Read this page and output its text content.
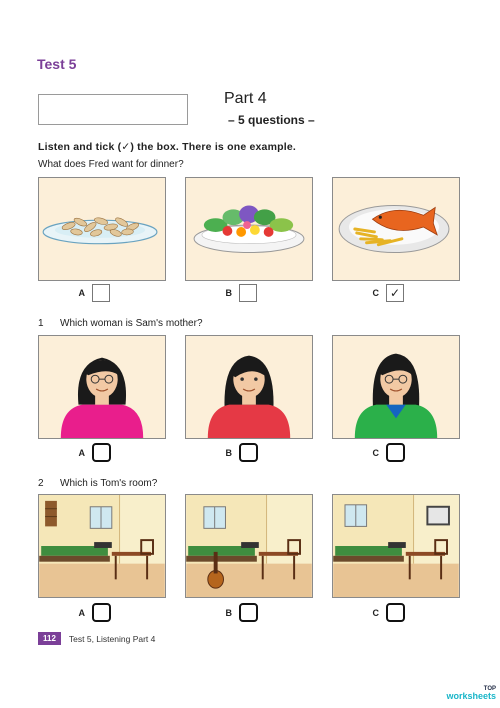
Test 5
Part 4
– 5 questions –
Listen and tick (✓) the box. There is one example.
What does Fred want for dinner?
A	B	C ✓
1 Which woman is Sam's mother?
A	B	C
2 Which is Tom's room?
A	B	C
112	Test 5, Listening Part 4
TOP
worksheets
